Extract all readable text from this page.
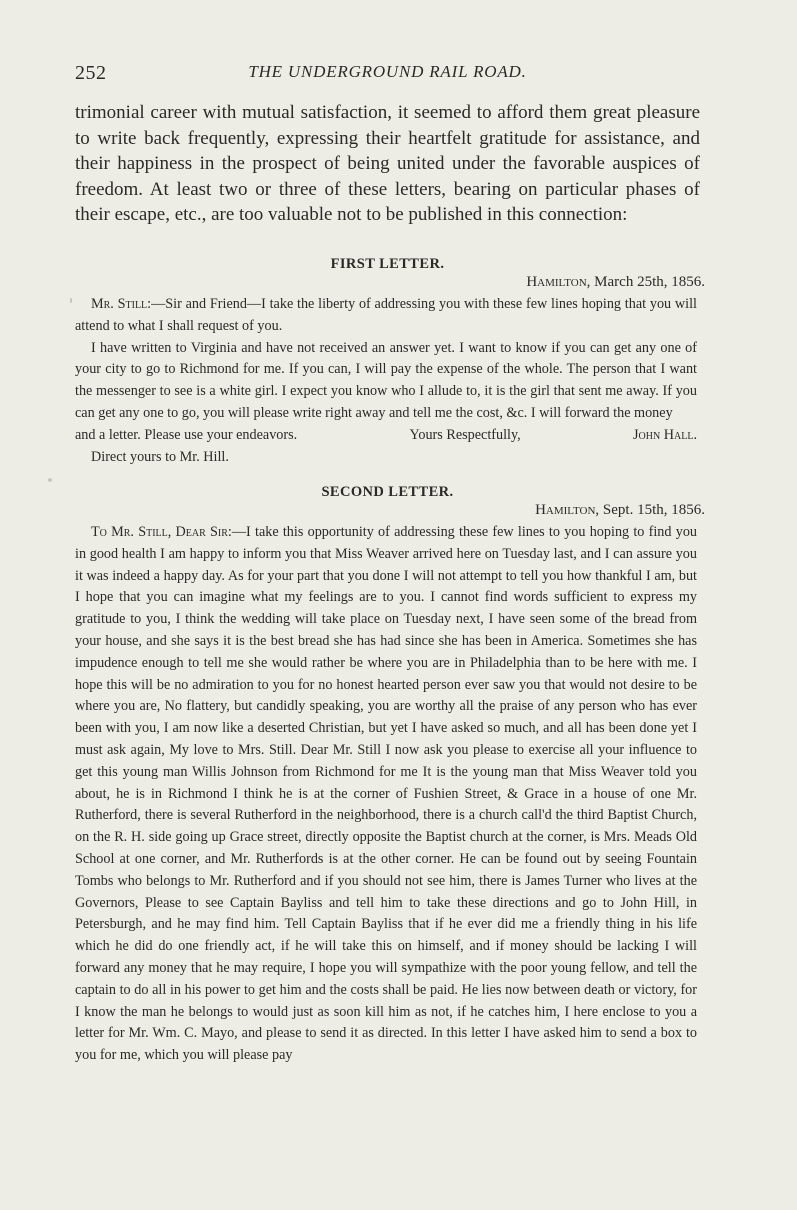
252	THE UNDERGROUND RAIL ROAD.

trimonial career with mutual satisfaction, it seemed to afford them great pleasure to write back frequently, expressing their heartfelt gratitude for assistance, and their happiness in the prospect of being united under the favorable auspices of freedom. At least two or three of these letters, bearing on particular phases of their escape, etc., are too valuable not to be published in this connection:

FIRST LETTER.

Hamilton, March 25th, 1856.

Mr. Still:—Sir and Friend—I take the liberty of addressing you with these few lines hoping that you will attend to what I shall request of you.

I have written to Virginia and have not received an answer yet. I want to know if you can get any one of your city to go to Richmond for me. If you can, I will pay the expense of the whole. The person that I want the messenger to see is a white girl. I expect you know who I allude to, it is the girl that sent me away. If you can get any one to go, you will please write right away and tell me the cost, &c. I will forward the money

and a letter. Please use your endeavors.	Yours Respectfully,	John Hall.

Direct yours to Mr. Hill.

SECOND LETTER.

Hamilton, Sept. 15th, 1856.

To Mr. Still, Dear Sir:—I take this opportunity of addressing these few lines to you hoping to find you in good health I am happy to inform you that Miss Weaver arrived here on Tuesday last, and I can assure you it was indeed a happy day. As for your part that you done I will not attempt to tell you how thankful I am, but I hope that you can imagine what my feelings are to you. I cannot find words sufficient to express my gratitude to you, I think the wedding will take place on Tuesday next, I have seen some of the bread from your house, and she says it is the best bread she has had since she has been in America. Sometimes she has impudence enough to tell me she would rather be where you are in Philadelphia than to be here with me. I hope this will be no admiration to you for no honest hearted person ever saw you that would not desire to be where you are, No flattery, but candidly speaking, you are worthy all the praise of any person who has ever been with you, I am now like a deserted Christian, but yet I have asked so much, and all has been done yet I must ask again, My love to Mrs. Still. Dear Mr. Still I now ask you please to exercise all your influence to get this young man Willis Johnson from Richmond for me It is the young man that Miss Weaver told you about, he is in Richmond I think he is at the corner of Fushien Street, & Grace in a house of one Mr. Rutherford, there is several Rutherford in the neighborhood, there is a church call'd the third Baptist Church, on the R. H. side going up Grace street, directly opposite the Baptist church at the corner, is Mrs. Meads Old School at one corner, and Mr. Rutherfords is at the other corner. He can be found out by seeing Fountain Tombs who belongs to Mr. Rutherford and if you should not see him, there is James Turner who lives at the Governors, Please to see Captain Bayliss and tell him to take these directions and go to John Hill, in Petersburgh, and he may find him. Tell Captain Bayliss that if he ever did me a friendly thing in his life which he did do one friendly act, if he will take this on himself, and if money should be lacking I will forward any money that he may require, I hope you will sympathize with the poor young fellow, and tell the captain to do all in his power to get him and the costs shall be paid. He lies now between death or victory, for I know the man he belongs to would just as soon kill him as not, if he catches him, I here enclose to you a letter for Mr. Wm. C. Mayo, and please to send it as directed. In this letter I have asked him to send a box to you for me, which you will please pay
